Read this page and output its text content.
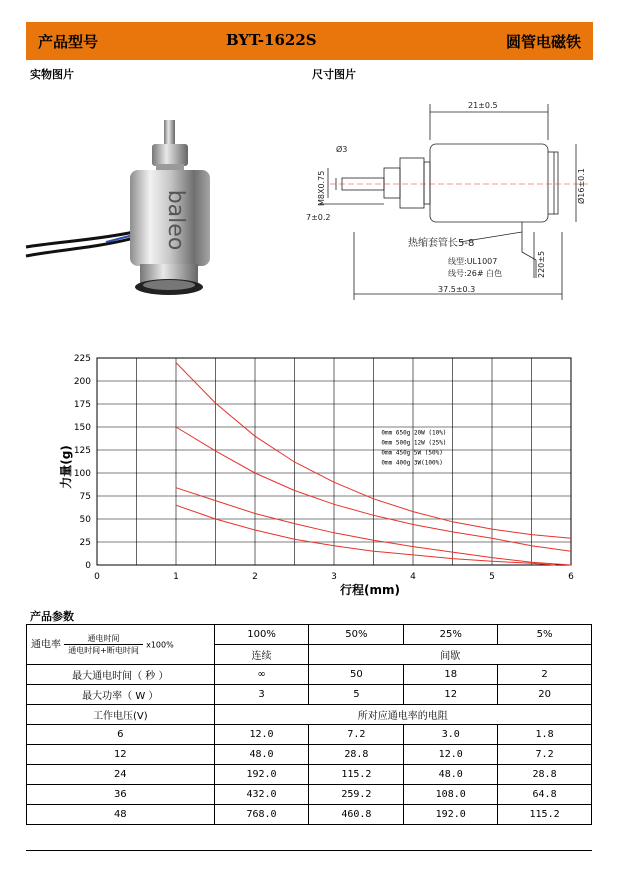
产品型号	BYT-1622S	圆管电磁铁
实物图片	尺寸图片
baleo
21±0.5
Ø3
M8X0.75	Ø16±0.1
7±0.2
热缩套管长5-8
220±5
线型:UL1007
线号:26# 白色
37.5±0.3
0	1	2	3	4	5	6
0
25
50
75
100
125
150
175
200
225
行程(mm)
力量(g)
0mm 650g 20W (10%)
0mm 500g 12W (25%)
0mm 450g 5W (50%)
0mm 400g 3W(100%)
产品参数
通电率 $\frac{\text{通电时间}}{\text{通电时间+断电时间}} x100\%$	100%	50%	25%	5%
	连续	间歇		
最大通电时间（ 秒 ）	∞	50	18	2
最大功率（ W ）	3	5	12	20
工作电压(V)	所对应通电率的电阻			
6	12.0	7.2	3.0	1.8
12	48.0	28.8	12.0	7.2
24	192.0	115.2	48.0	28.8
36	432.0	259.2	108.0	64.8
48	768.0	460.8	192.0	115.2
